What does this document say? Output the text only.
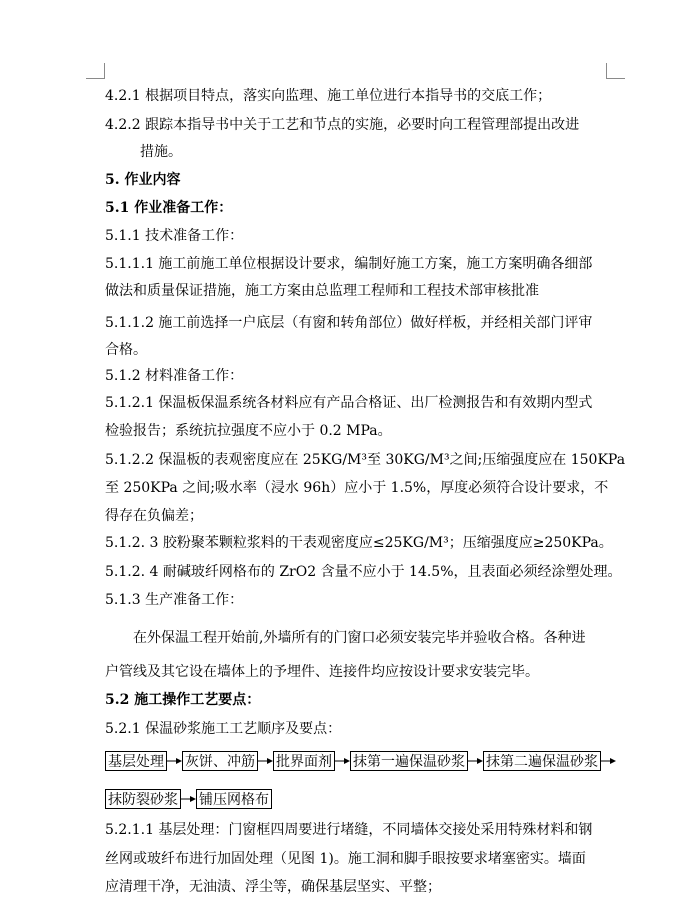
4.2.1 根据项目特点，落实向监理、施工单位进行本指导书的交底工作；
4.2.2 跟踪本指导书中关于工艺和节点的实施，必要时向工程管理部提出改进
措施。
5. 作业内容
5.1 作业准备工作：
5.1.1 技术准备工作：
5.1.1.1 施工前施工单位根据设计要求，编制好施工方案，施工方案明确各细部
做法和质量保证措施，施工方案由总监理工程师和工程技术部审核批准
5.1.1.2 施工前选择一户底层（有窗和转角部位）做好样板，并经相关部门评审
合格。
5.1.2 材料准备工作：
5.1.2.1 保温板保温系统各材料应有产品合格证、出厂检测报告和有效期内型式
检验报告；系统抗拉强度不应小于 0.2 MPa。
5.1.2.2 保温板的表观密度应在 25KG/M³至 30KG/M³之间;压缩强度应在 150KPa
至 250KPa 之间;吸水率（浸水 96h）应小于 1.5%，厚度必须符合设计要求，不
得存在负偏差；
5.1.2. 3 胶粉聚苯颗粒浆料的干表观密度应≤25KG/M³；压缩强度应≥250KPa。
5.1.2. 4 耐碱玻纤网格布的 ZrO2 含量不应小于 14.5%，且表面必须经涂塑处理。
5.1.3 生产准备工作：
在外保温工程开始前,外墙所有的门窗口必须安装完毕并验收合格。各种进
户管线及其它设在墙体上的予埋件、连接件均应按设计要求安装完毕。
5.2 施工操作工艺要点：
5.2.1 保温砂浆施工工艺顺序及要点：
基层处理 灰饼、冲筋 批界面剂 抹第一遍保温砂浆 抹第二遍保温砂浆
抹防裂砂浆 铺压网格布
5.2.1.1 基层处理：门窗框四周要进行堵缝，不同墙体交接处采用特殊材料和钢
丝网或玻纤布进行加固处理（见图 1)。施工洞和脚手眼按要求堵塞密实。墙面
应清理干净，无油渍、浮尘等，确保基层坚实、平整；
